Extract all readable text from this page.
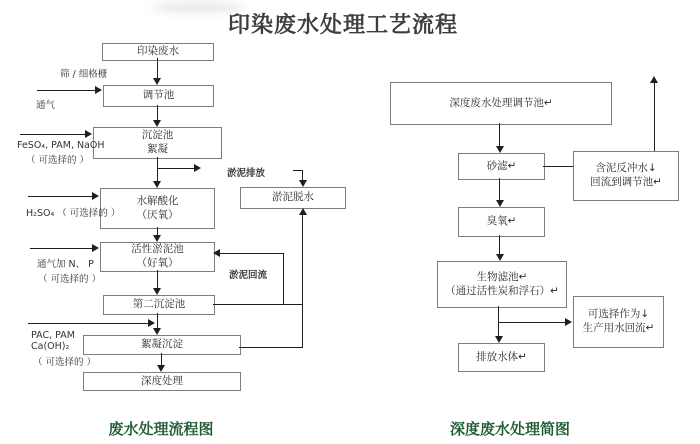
印染废水处理工艺流程
印染废水
调节池
沉淀池
絮凝
水解酸化
（厌氧）
活性淤泥池
（好氧）
第二沉淀池
絮凝沉淀
深度处理
淤泥脱水
筛 / 细格栅
通气
FeSO₄, PAM, NaOH
（ 可选择的 ）
H₂SO₄ （ 可选择的 ）
通气加 N、 P
（ 可选择的 ）
PAC, PAM
Ca(OH)₂
（ 可选择的 ）
淤泥排放
淤泥回流
废水处理流程图
深度废水处理调节池↵
砂滤↵	含泥反冲水↓
回流到调节池↵
臭氧↵
生物滤池↵
（通过活性炭和浮石）↵
可选择作为↓
生产用水回流↵
排放水体↵
深度废水处理简图
